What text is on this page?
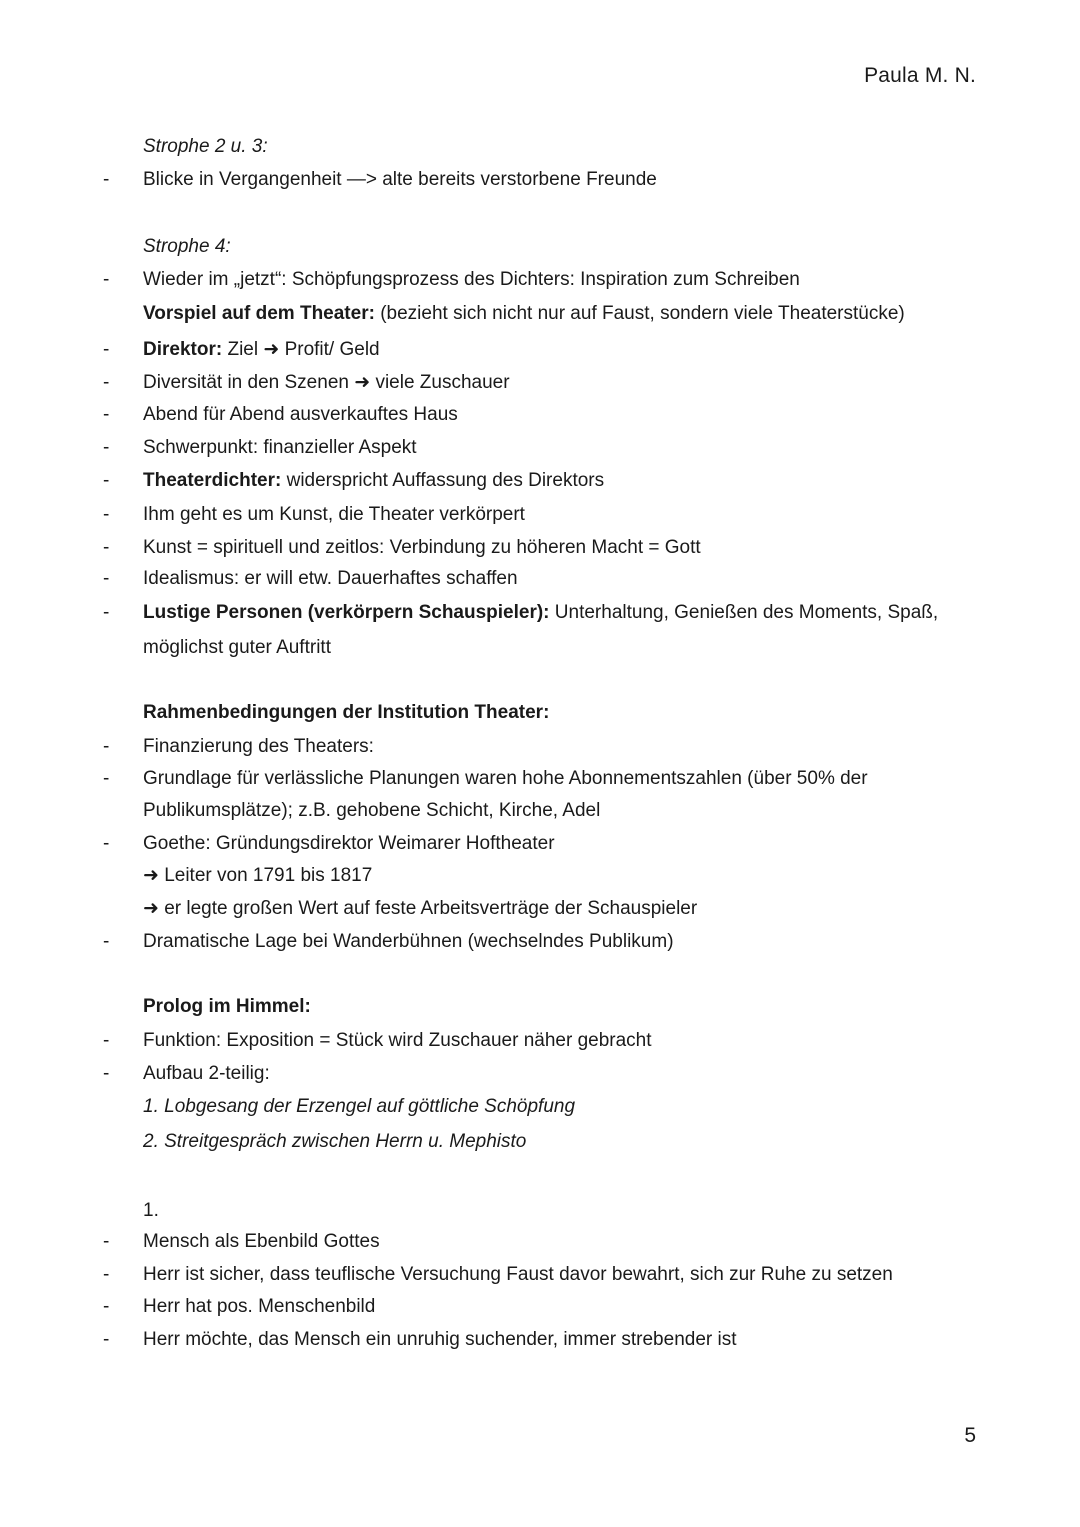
Paula M. N.
Strophe 2 u. 3:
- Blicke in Vergangenheit —> alte bereits verstorbene Freunde
Strophe 4:
- Wieder im „jetzt“: Schöpfungsprozess des Dichters: Inspiration zum Schreiben
Vorspiel auf dem Theater: (bezieht sich nicht nur auf Faust, sondern viele Theaterstücke)
- Direktor: Ziel ➜ Profit/ Geld
- Diversität in den Szenen ➜ viele Zuschauer
- Abend für Abend ausverkauftes Haus
- Schwerpunkt: finanzieller Aspekt
- Theaterdichter: widerspricht Auffassung des Direktors
- Ihm geht es um Kunst, die Theater verkörpert
- Kunst = spirituell und zeitlos: Verbindung zu höheren Macht = Gott
- Idealismus: er will etw. Dauerhaftes schaffen
- Lustige Personen (verkörpern Schauspieler): Unterhaltung, Genießen des Moments, Spaß,
möglichst guter Auftritt
Rahmenbedingungen der Institution Theater:
- Finanzierung des Theaters:
- Grundlage für verlässliche Planungen waren hohe Abonnementszahlen (über 50% der
Publikumsplätze); z.B. gehobene Schicht, Kirche, Adel
- Goethe: Gründungsdirektor Weimarer Hoftheater
➜ Leiter von 1791 bis 1817
➜ er legte großen Wert auf feste Arbeitsverträge der Schauspieler
- Dramatische Lage bei Wanderbühnen (wechselndes Publikum)
Prolog im Himmel:
- Funktion: Exposition = Stück wird Zuschauer näher gebracht
- Aufbau 2-teilig:
1. Lobgesang der Erzengel auf göttliche Schöpfung
2. Streitgespräch zwischen Herrn u. Mephisto
1.
- Mensch als Ebenbild Gottes
- Herr ist sicher, dass teuflische Versuchung Faust davor bewahrt, sich zur Ruhe zu setzen
- Herr hat pos. Menschenbild
- Herr möchte, das Mensch ein unruhig suchender, immer strebender ist
5
